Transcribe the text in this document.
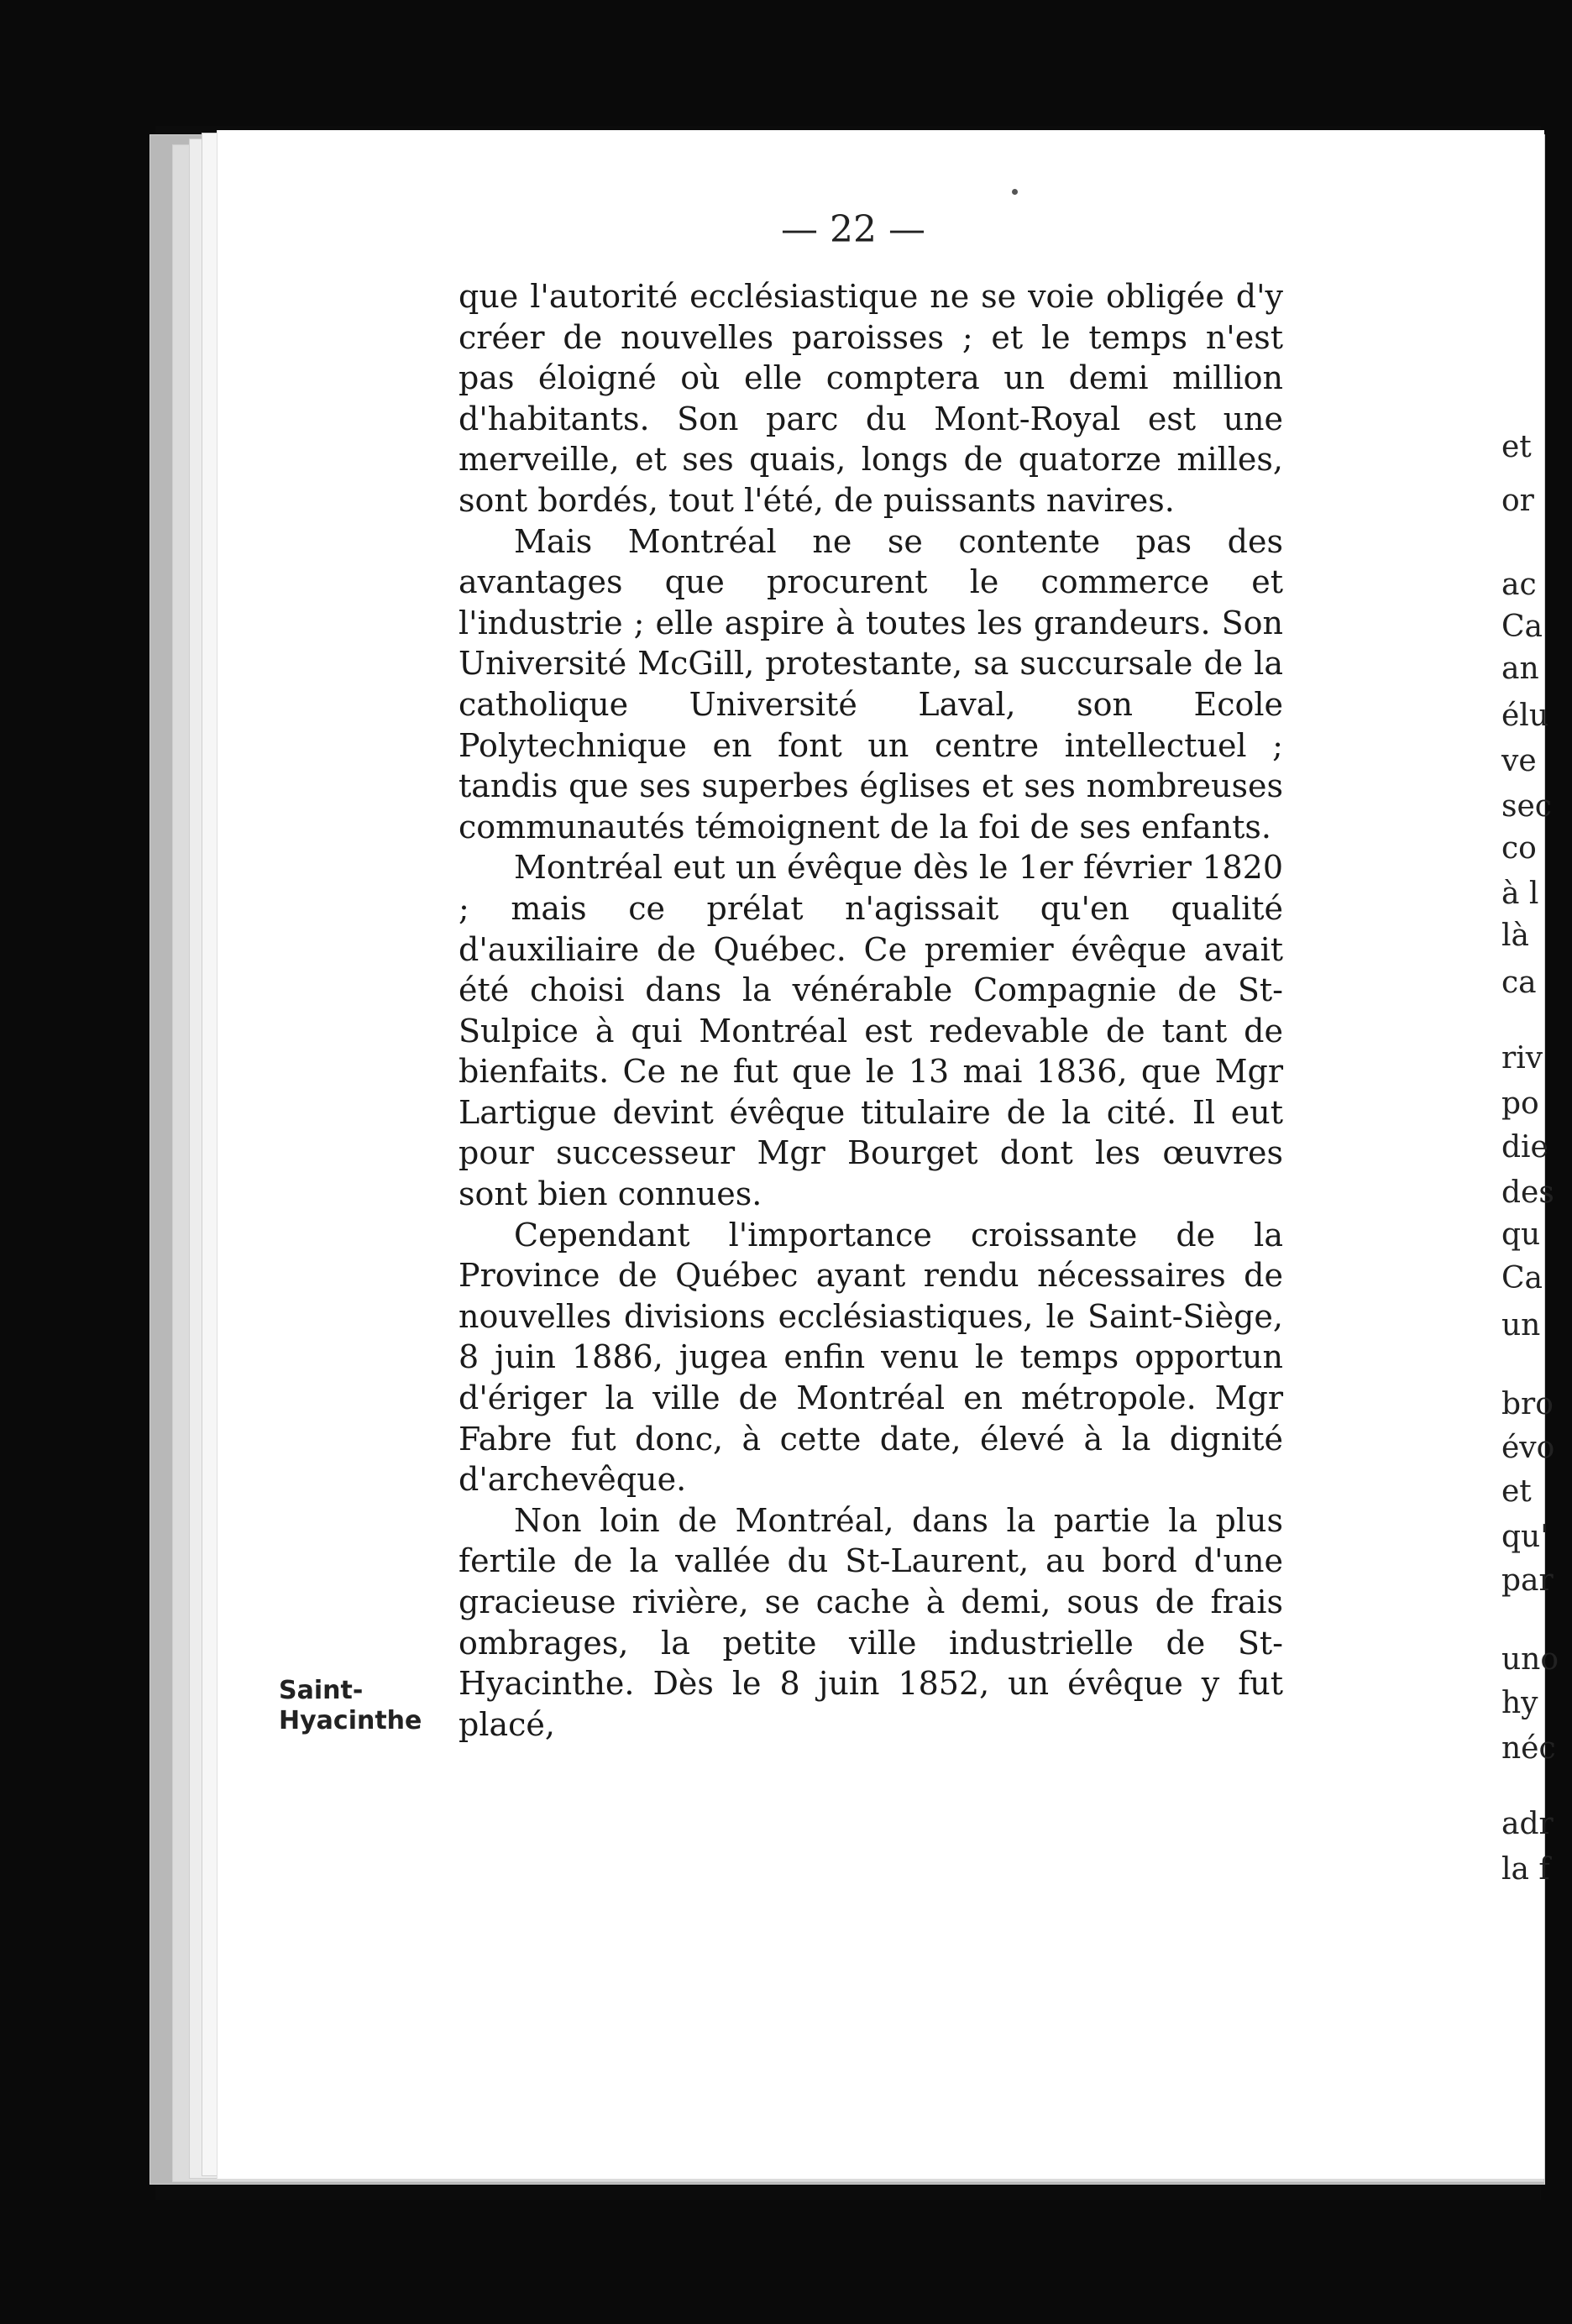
— 22 —
Saint-
Hyacinthe

que l'autorité ecclésiastique ne se voie obligée d'y créer de nouvelles paroisses ; et le temps n'est pas éloigné où elle comptera un demi million d'habitants. Son parc du Mont-Royal est une merveille, et ses quais, longs de quatorze milles, sont bordés, tout l'été, de puissants navires.

Mais Montréal ne se contente pas des avantages que procurent le commerce et l'industrie ; elle aspire à toutes les grandeurs. Son Université McGill, protestante, sa succursale de la catholique Université Laval, son Ecole Polytechnique en font un centre intellectuel ; tandis que ses superbes églises et ses nombreuses communautés témoignent de la foi de ses enfants.

Montréal eut un évêque dès le 1er février 1820 ; mais ce prélat n'agissait qu'en qualité d'auxiliaire de Québec. Ce premier évêque avait été choisi dans la vénérable Compagnie de St-Sulpice à qui Montréal est redevable de tant de bienfaits. Ce ne fut que le 13 mai 1836, que Mgr Lartigue devint évêque titulaire de la cité. Il eut pour successeur Mgr Bourget dont les œuvres sont bien connues.

Cependant l'importance croissante de la Province de Québec ayant rendu nécessaires de nouvelles divisions ecclésiastiques, le Saint-Siège, 8 juin 1886, jugea enfin venu le temps opportun d'ériger la ville de Montréal en métropole. Mgr Fabre fut donc, à cette date, élevé à la dignité d'archevêque.

Non loin de Montréal, dans la partie la plus fertile de la vallée du St-Laurent, au bord d'une gracieuse rivière, se cache à demi, sous de frais ombrages, la petite ville industrielle de St-Hyacinthe. Dès le 8 juin 1852, un évêque y fut placé,

et
or
ac
Ca
an
élu
ve
sec
co
à l
là
ca
riv
po
die
des
qu
Ca
un
bro
évo
et
qu'
par
uno
hy
néc
adr
la f
